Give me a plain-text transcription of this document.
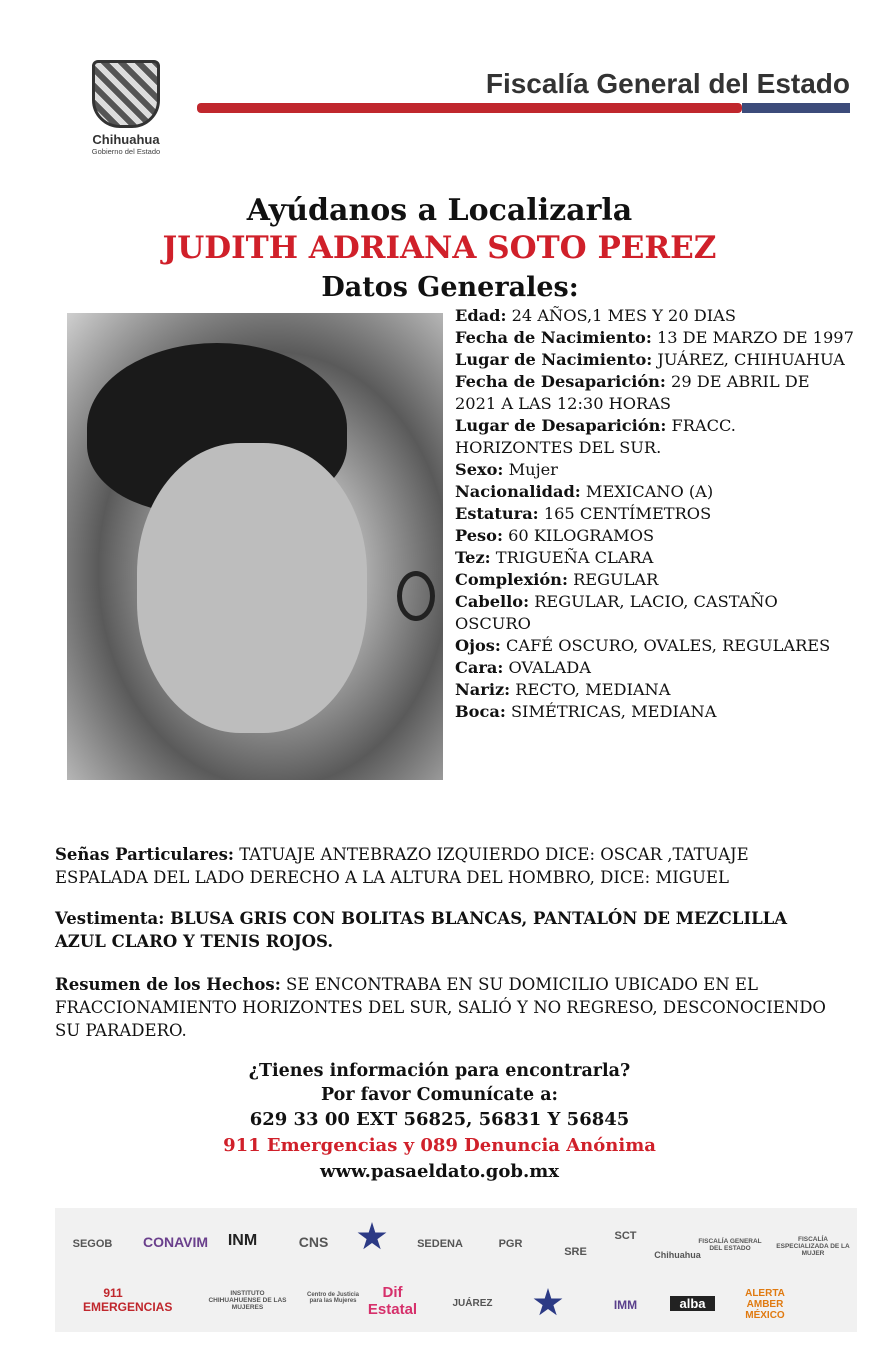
Chihuahua
Gobierno del Estado
Fiscalía General del Estado
Ayúdanos a Localizarla
JUDITH ADRIANA SOTO PEREZ
Datos Generales:
Edad: 24 AÑOS,1 MES Y 20 DIAS
Fecha de Nacimiento: 13 DE MARZO DE 1997
Lugar de Nacimiento: JUÁREZ, CHIHUAHUA
Fecha de Desaparición: 29 DE ABRIL DE 2021 A LAS 12:30 HORAS
Lugar de Desaparición: FRACC. HORIZONTES DEL SUR.
Sexo: Mujer
Nacionalidad: MEXICANO (A)
Estatura: 165 CENTÍMETROS
Peso: 60 KILOGRAMOS
Tez: TRIGUEÑA CLARA
Complexión: REGULAR
Cabello: REGULAR, LACIO, CASTAÑO OSCURO
Ojos: CAFÉ OSCURO, OVALES, REGULARES
Cara: OVALADA
Nariz: RECTO, MEDIANA
Boca: SIMÉTRICAS, MEDIANA
Señas Particulares: TATUAJE ANTEBRAZO IZQUIERDO DICE: OSCAR ,TATUAJE ESPALADA DEL LADO DERECHO A LA ALTURA DEL HOMBRO, DICE: MIGUEL
Vestimenta: BLUSA GRIS CON BOLITAS BLANCAS, PANTALÓN DE MEZCLILLA AZUL CLARO Y TENIS ROJOS.
Resumen de los Hechos: SE ENCONTRABA EN SU DOMICILIO UBICADO EN EL FRACCIONAMIENTO HORIZONTES DEL SUR, SALIÓ Y NO REGRESO, DESCONOCIENDO SU PARADERO.
¿Tienes información para encontrarla?
Por favor Comunícate a:
629 33 00 EXT 56825, 56831 Y 56845
911 Emergencias y 089 Denuncia Anónima
www.pasaeldato.gob.mx
SEGOB	CONAVIM	INM	CNS	SEDENA	PGR
SRE
SCT
Chihuahua
FISCALÍA GENERAL DEL ESTADO
FISCALÍA ESPECIALIZADA DE LA MUJER
911 EMERGENCIAS
INSTITUTO CHIHUAHUENSE DE LAS MUJERES
Centro de Justicia para las Mujeres	Dif Estatal	JUÁREZ	IMM	alba
ALERTA AMBER MÉXICO
